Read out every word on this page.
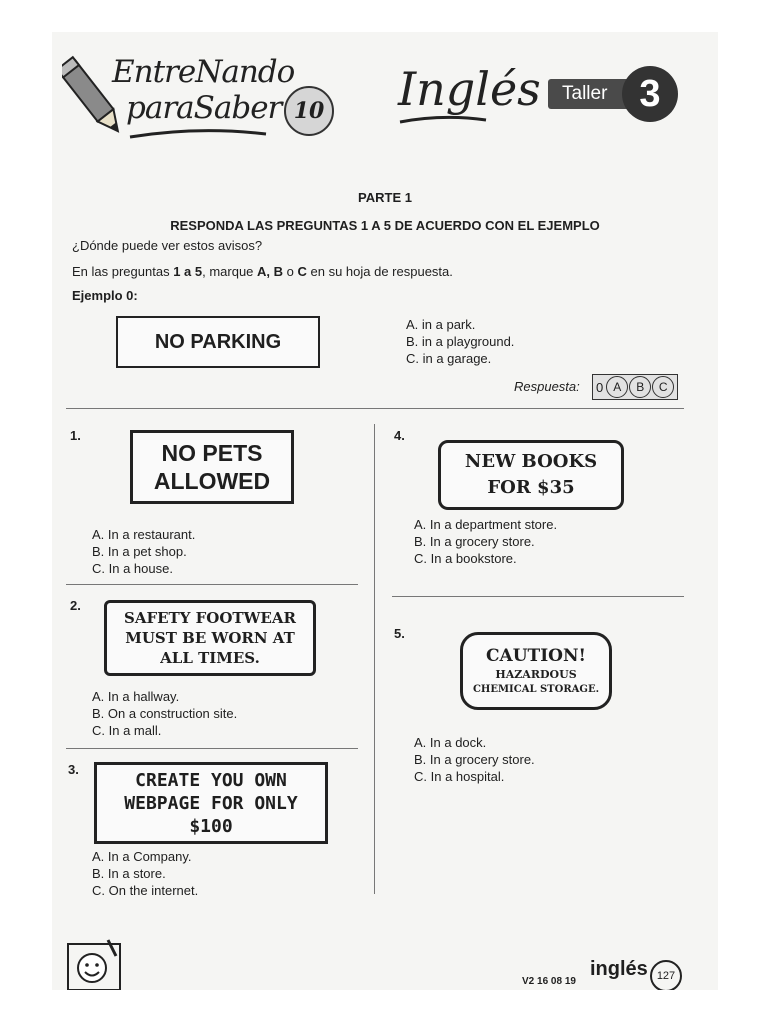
EntreNando
paraSaber 10 Inglés	Taller 3
PARTE 1
RESPONDA LAS PREGUNTAS 1 A 5 DE ACUERDO CON EL EJEMPLO
¿Dónde puede ver estos avisos?
En las preguntas 1 a 5, marque A, B o C en su hoja de respuesta.
Ejemplo 0:
NO PARKING
A. in a park.
B. in a playground.
C. in a garage.
Respuesta: 0 A	B	C
1.
NO PETS
ALLOWED
A. In a restaurant.
B. In a pet shop.
C. In a house.
2.
SAFETY FOOTWEAR
MUST BE WORN AT
ALL TIMES.
A. In a hallway.
B. On a construction site.
C. In a mall.
3.	CREATE YOU OWN
WEBPAGE FOR ONLY
$100
A. In a Company.
B. In a store.
C. On the internet.
4.
NEW BOOKS
FOR $35
A. In a department store.
B. In a grocery store.
C. In a bookstore.
5.
CAUTION!
HAZARDOUS
CHEMICAL STORAGE.
A. In a dock.
B. In a grocery store.
C. In a hospital.
V2 16 08 19
inglés 127
